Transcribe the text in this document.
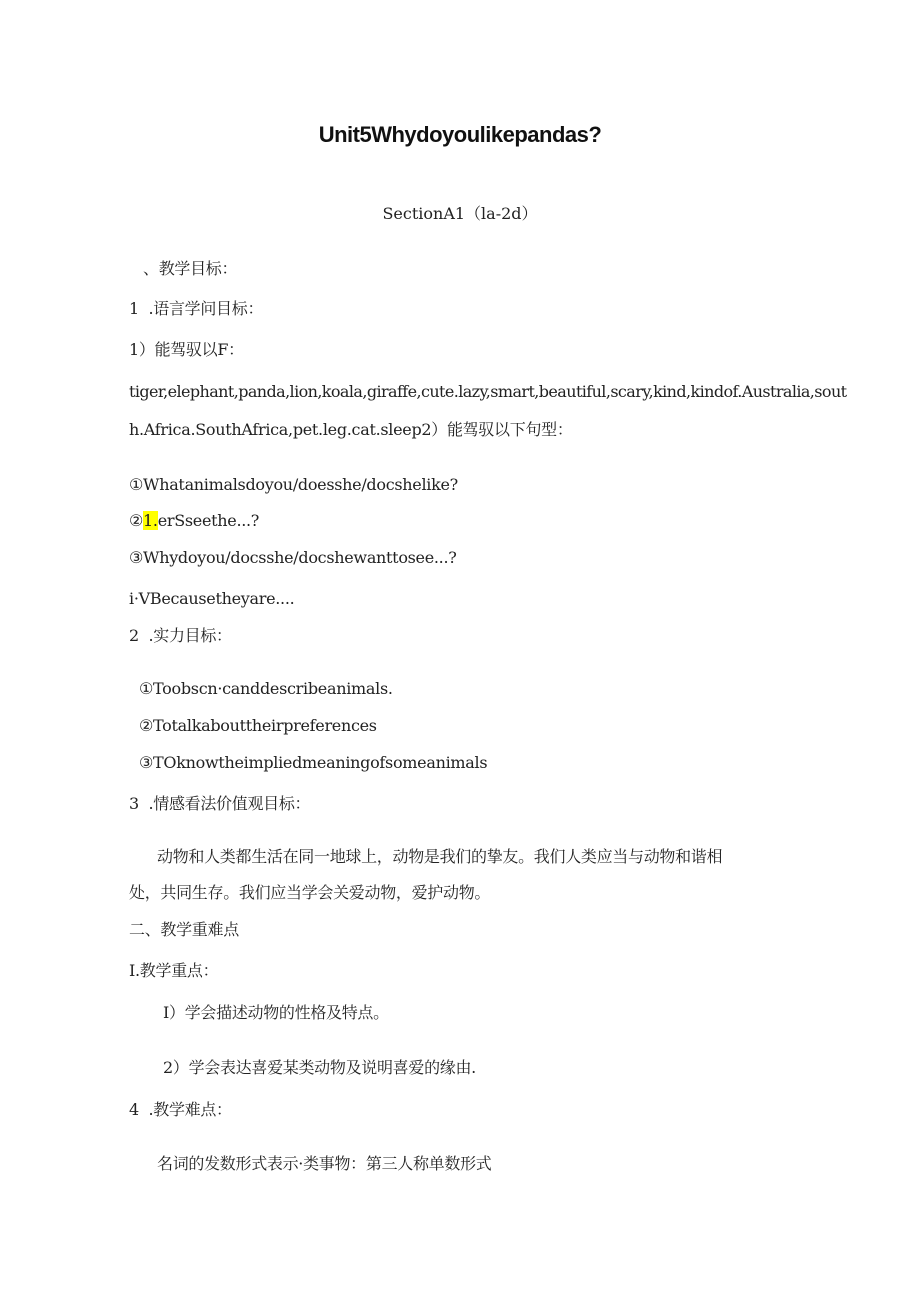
Unit5Whydoyoulikepandas?
SectionA1（la-2d）
、教学目标：
1  .语言学问目标：
1）能驾驭以F：
tiger,elephant,panda,lion,koala,giraffe,cute.lazy,smart,beautiful,scary,kind,kindof.Australia,sout
h.Africa.SouthAfrica,pet.leg.cat.sleep2）能驾驭以下句型：
①Whatanimalsdoyou/doesshe/docshelike?
②1.erSseethe...?
③Whydoyou/docsshe/docshewanttosee...?
i·VBecausetheyare....
2  .实力目标：
①Toobscn·canddescribeanimals.
②Totalkabouttheirpreferences
③TOknowtheimpliedmeaningofsomeanimals
3  .情感看法价值观目标：
动物和人类都生活在同一地球上，动物是我们的挚友。我们人类应当与动物和谐相
处，共同生存。我们应当学会关爱动物，爱护动物。
二、教学重难点
I.教学重点：
I）学会描述动物的性格及特点。
2）学会表达喜爱某类动物及说明喜爱的缘由.
4  .教学难点：
名词的发数形式表示·类事物：第三人称单数形式
